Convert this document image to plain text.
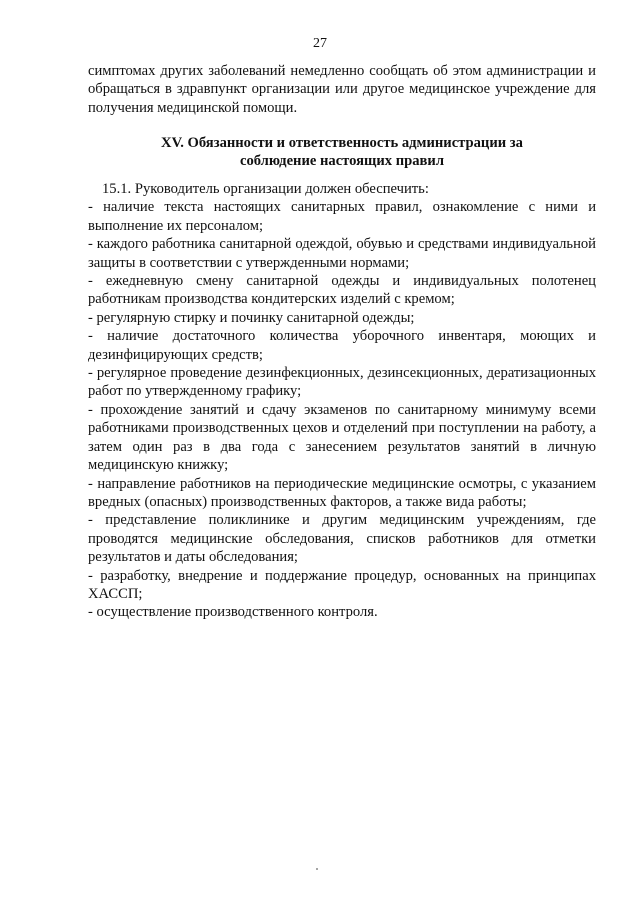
27
симптомах других заболеваний немедленно сообщать об этом администрации и обращаться в здравпункт организации или другое медицинское учреждение для получения медицинской помощи.
XV. Обязанности и ответственность администрации за
соблюдение настоящих правил

15.1. Руководитель организации должен обеспечить:

- наличие текста настоящих санитарных правил, ознакомление с ними и выполнение их персоналом;

- каждого работника санитарной одеждой, обувью и средствами индивидуальной защиты в соответствии с утвержденными нормами;

- ежедневную смену санитарной одежды и индивидуальных полотенец работникам производства кондитерских изделий с кремом;

- регулярную стирку и починку санитарной одежды;

- наличие достаточного количества уборочного инвентаря, моющих и дезинфицирующих средств;

- регулярное проведение дезинфекционных, дезинсекционных, дератизационных работ по утвержденному графику;

- прохождение занятий и сдачу экзаменов по санитарному минимуму всеми работниками производственных цехов и отделений при поступлении на работу, а затем один раз в два года с занесением результатов занятий в личную медицинскую книжку;

- направление работников на периодические медицинские осмотры, с указанием вредных (опасных) производственных факторов, а также вида работы;

- представление поликлинике и другим медицинским учреждениям, где проводятся медицинские обследования, списков работников для отметки результатов и даты обследования;

- разработку, внедрение и поддержание процедур, основанных на принципах ХАССП;

- осуществление производственного контроля.
